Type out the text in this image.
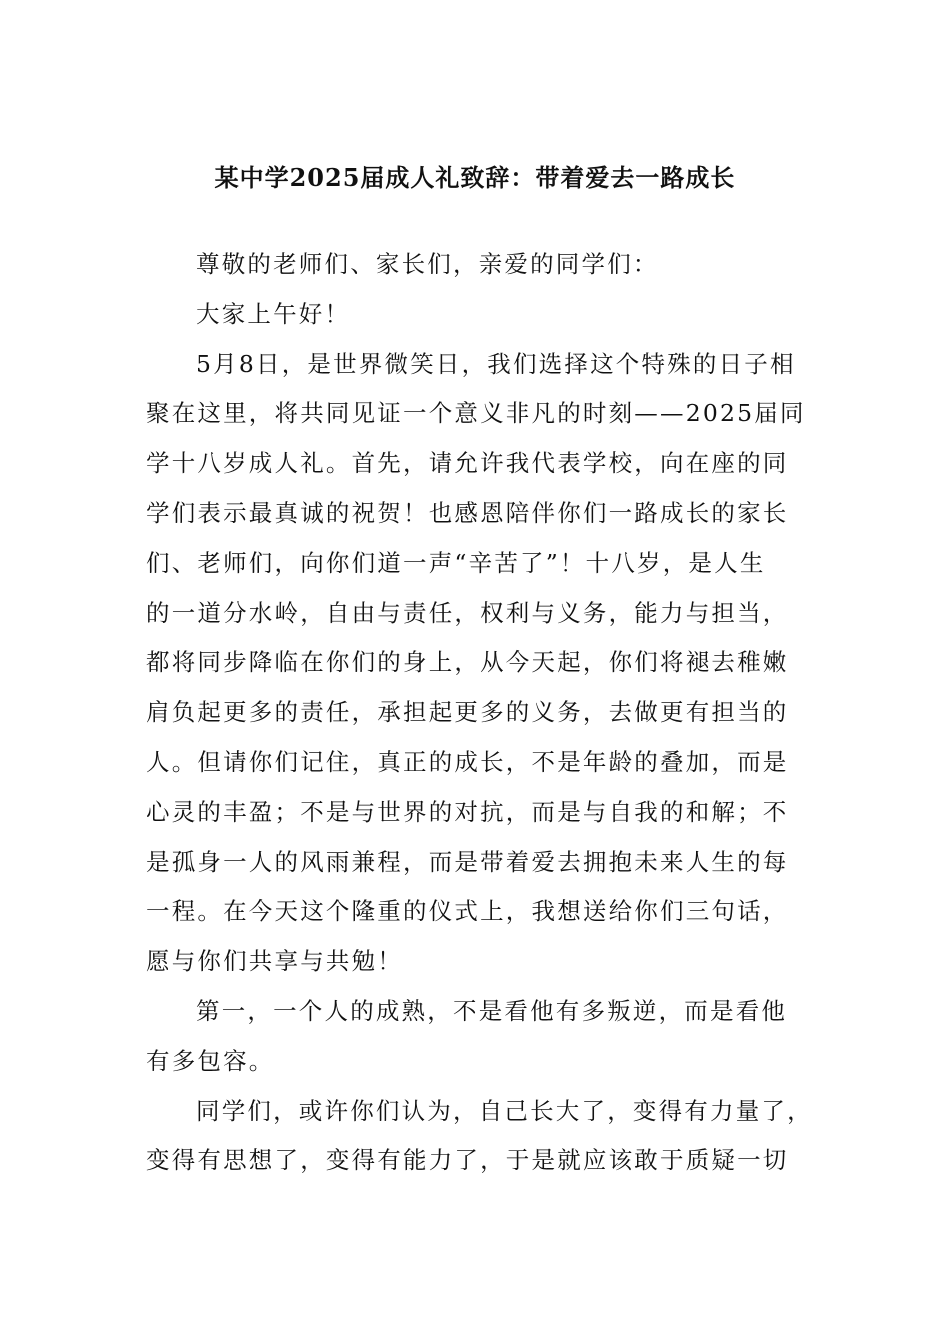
某中学2025届成人礼致辞：带着爱去一路成长
尊敬的老师们、家长们，亲爱的同学们：
大家上午好！
5月8日，是世界微笑日，我们选择这个特殊的日子相
聚在这里，将共同见证一个意义非凡的时刻——2025届同
学十八岁成人礼。首先，请允许我代表学校，向在座的同
学们表示最真诚的祝贺！也感恩陪伴你们一路成长的家长
们、老师们，向你们道一声“辛苦了”！十八岁，是人生
的一道分水岭，自由与责任，权利与义务，能力与担当，
都将同步降临在你们的身上，从今天起，你们将褪去稚嫩
肩负起更多的责任，承担起更多的义务，去做更有担当的
人。但请你们记住，真正的成长，不是年龄的叠加，而是
心灵的丰盈；不是与世界的对抗，而是与自我的和解；不
是孤身一人的风雨兼程，而是带着爱去拥抱未来人生的每
一程。在今天这个隆重的仪式上，我想送给你们三句话，
愿与你们共享与共勉！
第一，一个人的成熟，不是看他有多叛逆，而是看他
有多包容。
同学们，或许你们认为，自己长大了，变得有力量了，
变得有思想了，变得有能力了，于是就应该敢于质疑一切
